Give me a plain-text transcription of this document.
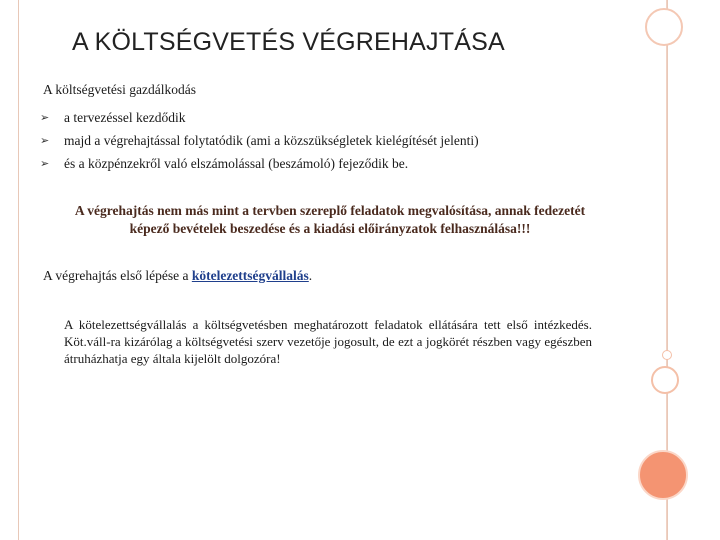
A KÖLTSÉGVETÉS VÉGREHAJTÁSA

A költségvetési gazdálkodás

➢	a tervezéssel kezdődik
➢	majd a végrehajtással folytatódik (ami a közszükségletek kielégítését jelenti)
➢	és a közpénzekről való elszámolással (beszámoló) fejeződik be.

A végrehajtás nem más mint a tervben szereplő feladatok megvalósítása, annak fedezetét
képező bevételek beszedése és a kiadási előirányzatok felhasználása!!!

A végrehajtás első lépése a kötelezettségvállalás.

A kötelezettségvállalás a költségvetésben meghatározott feladatok ellátására tett első intézkedés. Köt.váll-ra kizárólag a költségvetési szerv vezetője jogosult, de ezt a jogkörét részben vagy egészben átruházhatja egy általa kijelölt dolgozóra!
